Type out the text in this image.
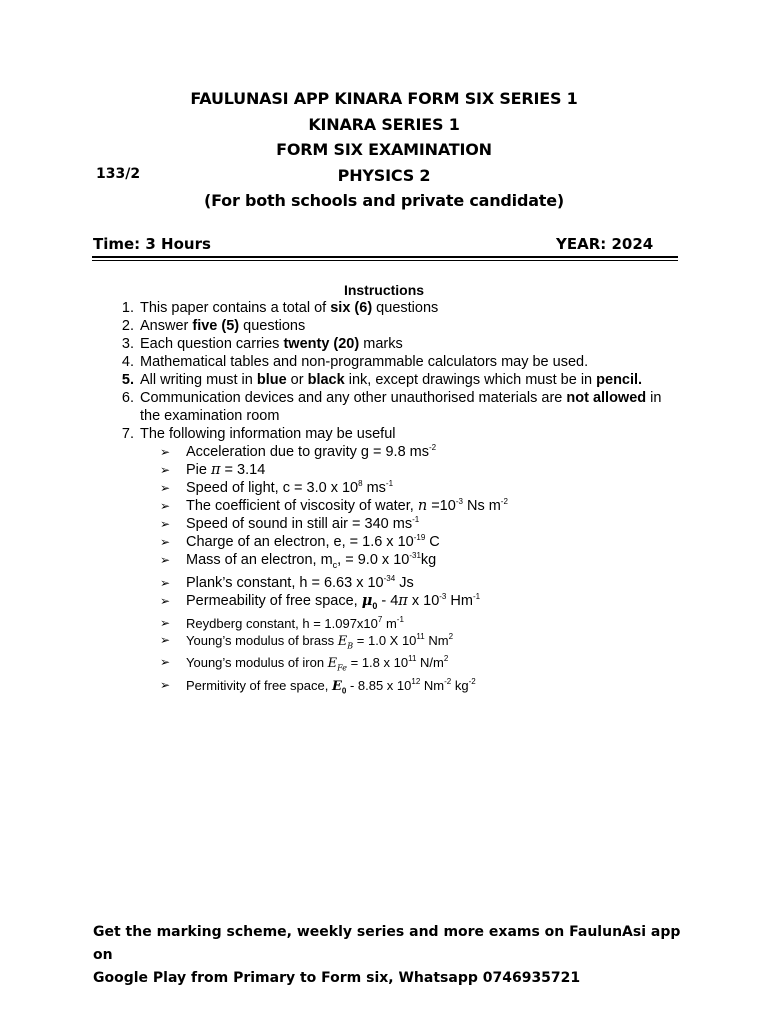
FAULUNASI APP KINARA FORM SIX SERIES 1
KINARA SERIES 1
FORM SIX EXAMINATION
133/2	PHYSICS 2
(For both schools and private candidate)
Time: 3 Hours	YEAR: 2024
Instructions
1. This paper contains a total of six (6) questions
2. Answer five (5) questions
3. Each question carries twenty (20) marks
4. Mathematical tables and non-programmable calculators may be used.
5. All writing must in blue or black ink, except drawings which must be in pencil.
6. Communication devices and any other unauthorised materials are not allowed in the examination room
7. The following information may be useful
➢ Acceleration due to gravity g = 9.8 $ms^{-2}$
➢ Pie π = 3.14
➢ Speed of light, c = 3.0 x $10^8$ $ms^{-1}$
➢ The coefficient of viscosity of water, $n =10^{-3}$ Ns $m^{-2}$
➢ Speed of sound in still air = 340 $ms^{-1}$
➢ Charge of an electron, e, = 1.6 x $10^{-19}$ C
➢ Mass of an electron, $m_c$, = 9.0 x $10^{-31}kg$
➢ Plank’s constant, h = 6.63 x $10^{-34}$ Js
➢ Permeability of free space, $\mu_0 - 4\pi$ x $10^{-3}$ $Hm^{-1}$
➢ Reydberg constant, $h = 1.097x10^7$ $m^{-1}$
➢ Young’s modulus of brass $E_B = 1.0$ X $10^{11}$ Nm$^2$
➢ Young’s modulus of iron $E_{Fe} = 1.8$ x $10^{11}$ $N/m^2$
➢ Permitivity of free space, $E_0 - 8.85$ x $10^{12}$ $Nm^{-2}$ $kg^{-2}$
Get the marking scheme, weekly series and more exams on FaulunAsi app on
Google Play from Primary to Form six, Whatsapp 0746935721
